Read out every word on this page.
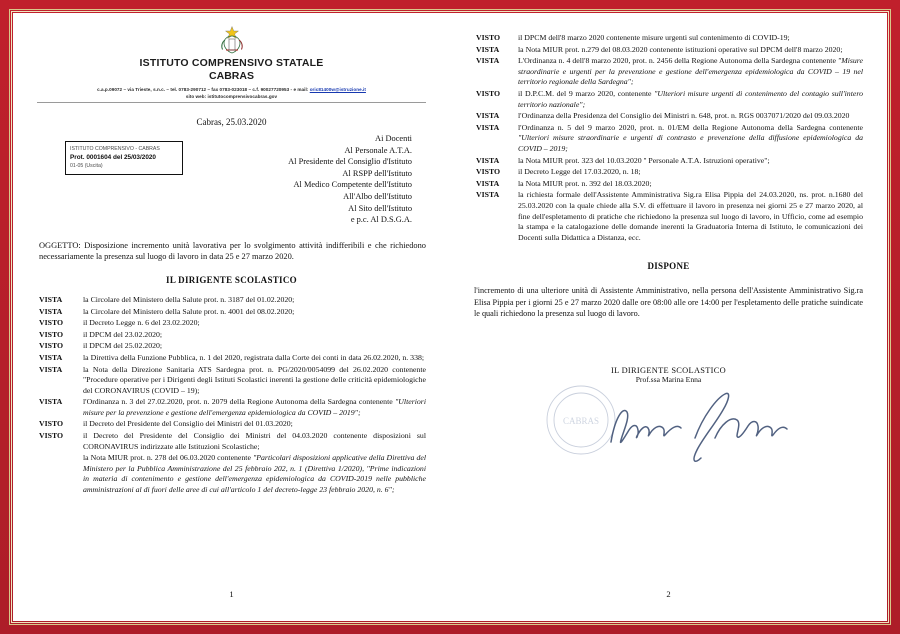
ISTITUTO COMPRENSIVO STATALE
CABRAS
c.a.p.09072 – via Trieste, s.n.c. – tel. 0783-290712 – fax 0783-023018 – c.f. 90027720953 - e mail: oric81400w@istruzione.it
sito web: istitutocomprensivocabras.gov
Cabras, 25.03.2020
ISTITUTO COMPRENSIVO - CABRAS
Prot. 0001604 del 25/03/2020
01-05 (Uscita)
Ai Docenti
Al Personale A.T.A.
Al Presidente del Consiglio d'Istituto
Al RSPP dell'Istituto
Al Medico Competente dell'Istituto
All'Albo dell'Istituto
Al Sito dell'Istituto
e p.c. Al D.S.G.A.
OGGETTO: Disposizione incremento unità lavorativa per lo svolgimento attività indifferibili e che richiedono necessariamente la presenza sul luogo di lavoro in data 25 e 27 marzo 2020.
IL DIRIGENTE SCOLASTICO
VISTA	la Circolare del Ministero della Salute prot. n. 3187 del 01.02.2020;
VISTA	la Circolare del Ministero della Salute prot. n. 4001 del 08.02.2020;
VISTO	il Decreto Legge n. 6 del 23.02.2020;
VISTO	il DPCM del 23.02.2020;
VISTO	il DPCM del 25.02.2020;
VISTA	la Direttiva della Funzione Pubblica, n. 1 del 2020, registrata dalla Corte dei conti in data 26.02.2020, n. 338;
VISTA	la Nota della Direzione Sanitaria ATS Sardegna prot. n. PG/2020/0054099 del 26.02.2020 contenente "Procedure operative per i Dirigenti degli Istituti Scolastici inerenti la gestione delle criticità epidemiologiche del CORONAVIRUS (COVID – 19);
VISTA	l'Ordinanza n. 3 del 27.02.2020, prot. n. 2079 della Regione Autonoma della Sardegna contenente "Ulteriori misure per la prevenzione e gestione dell'emergenza epidemiologica da COVID – 2019";
VISTO	il Decreto del Presidente del Consiglio dei Ministri del 01.03.2020;
VISTO	il Decreto del Presidente del Consiglio dei Ministri del 04.03.2020 contenente disposizioni sul CORONAVIRUS indirizzate alle Istituzioni Scolastiche;
la Nota MIUR prot. n. 278 del 06.03.2020 contenente "Particolari disposizioni applicative della Direttiva del Ministero per la Pubblica Amministrazione del 25 febbraio 202, n. 1 (Direttiva 1/2020), "Prime indicazioni in materia di contenimento e gestione dell'emergenza epidemiologica da COVID-2019 nelle pubbliche amministrazioni al di fuori delle aree di cui all'articolo 1 del decreto-legge 23 febbraio 2020, n. 6";
1
VISTO	il DPCM dell'8 marzo 2020 contenente misure urgenti sul contenimento di COVID-19;
VISTA	la Nota MIUR prot. n.279 del 08.03.2020 contenente istituzioni operative sul DPCM dell'8 marzo 2020;
VISTA	L'Ordinanza n. 4 dell'8 marzo 2020, prot. n. 2456 della Regione Autonoma della Sardegna contenente "Misure straordinarie e urgenti per la prevenzione e gestione dell'emergenza epidemiologica da COVID – 19 nel territorio regionale della Sardegna";
VISTO	il D.P.C.M. del 9 marzo 2020, contenente "Ulteriori misure urgenti di contenimento del contagio sull'intero territorio nazionale";
VISTA	l'Ordinanza della Presidenza del Consiglio dei Ministri n. 648, prot. n. RGS 0037071/2020 del 09.03.2020
VISTA	l'Ordinanza n. 5 del 9 marzo 2020, prot. n. 01/EM della Regione Autonoma della Sardegna contenente "Ulteriori misure straordinarie e urgenti di contrasto e prevenzione della diffusione epidemiologica da COVID – 2019;
VISTA	la Nota MIUR prot. 323 del 10.03.2020 '' Personale A.T.A. Istruzioni operative";
VISTO	il Decreto Legge del 17.03.2020, n. 18;
VISTA	la Nota MIUR prot. n. 392 del 18.03.2020;
VISTA	la richiesta formale dell'Assistente Amministrativa Sig.ra Elisa Pippia del 24.03.2020, ns. prot. n.1680 del 25.03.2020 con la quale chiede alla S.V. di effettuare il lavoro in presenza nei giorni 25 e 27 marzo 2020, al fine dell'espletamento di pratiche che richiedono la presenza sul luogo di lavoro, in Ufficio, come ad esempio la stampa e la catalogazione delle domande inerenti la Graduatoria Interna di Istituto, le comunicazioni dei Docenti sulla Didattica a Distanza, ecc.
DISPONE
l'incremento di una ulteriore unità di Assistente Amministrativo, nella persona dell'Assistente Amministrativo Sig.ra Elisa Pippia per i giorni 25 e 27 marzo 2020 dalle ore 08:00 alle ore 14:00 per l'espletamento delle pratiche suindicate le quali richiedono la presenza sul luogo di lavoro.
IL DIRIGENTE SCOLASTICO
Prof.ssa Marina Enna
CABRAS
2
